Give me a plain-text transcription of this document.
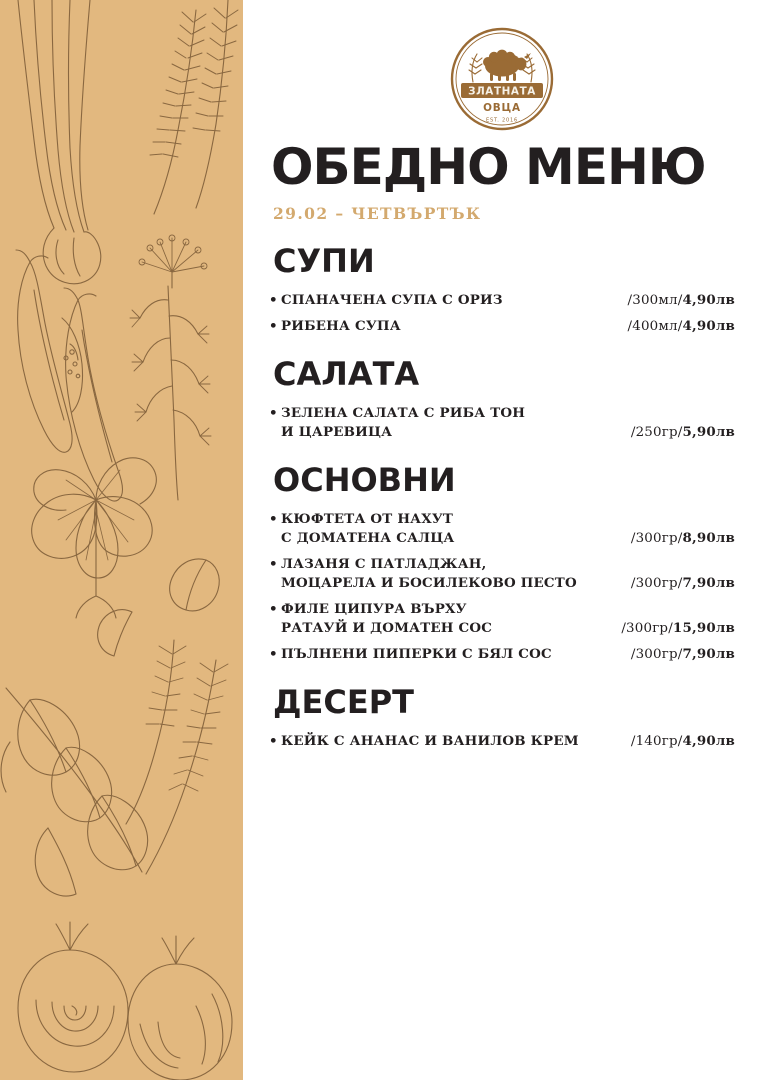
ЗЛАТНАТА
ОВЦА
EST. 2016
ОБЕДНО МЕНЮ
29.02 – ЧЕТВЪРТЪК
СУПИ
• СПАНАЧЕНА СУПА С ОРИЗ	/300мл/4,90лв
• РИБЕНА СУПА	/400мл/4,90лв
САЛАТА
• ЗЕЛЕНА САЛАТА С РИБА ТОН
И ЦАРЕВИЦА	/250гр/5,90лв
ОСНОВНИ
• КЮФТЕТА ОТ НАХУТ
С ДОМАТЕНА САЛЦА	/300гр/8,90лв
• ЛАЗАНЯ С ПАТЛАДЖАН,
МОЦАРЕЛА И БОСИЛЕКОВО ПЕСТО	/300гр/7,90лв
• ФИЛЕ ЦИПУРА ВЪРХУ
РАТАУЙ И ДОМАТЕН СОС	/300гр/15,90лв
• ПЪЛНЕНИ ПИПЕРКИ С БЯЛ СОС	/300гр/7,90лв
ДЕСЕРТ
• КЕЙК С АНАНАС И ВАНИЛОВ КРЕМ	/140гр/4,90лв
